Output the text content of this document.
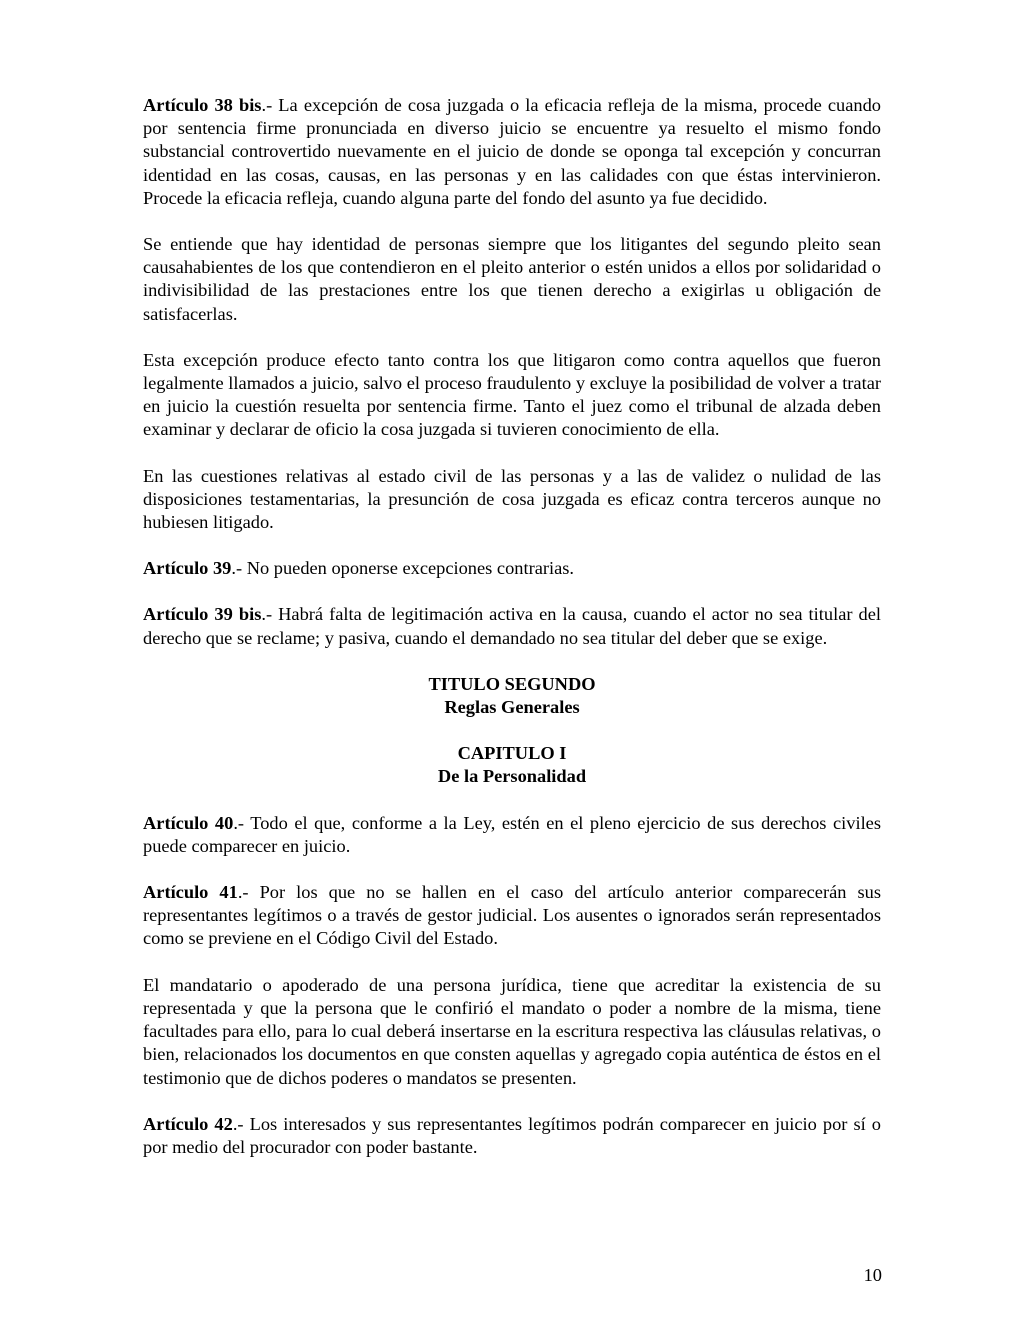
Artículo 38 bis.- La excepción de cosa juzgada o la eficacia refleja de la misma, procede cuando por sentencia firme pronunciada en diverso juicio se encuentre ya resuelto el mismo fondo substancial controvertido nuevamente en el juicio de donde se oponga tal excepción y concurran identidad en las cosas, causas, en las personas y en las calidades con que éstas intervinieron. Procede la eficacia refleja, cuando alguna parte del fondo del asunto ya fue decidido.

Se entiende que hay identidad de personas siempre que los litigantes del segundo pleito sean causahabientes de los que contendieron en el pleito anterior o estén unidos a ellos por solidaridad o indivisibilidad de las prestaciones entre los que tienen derecho a exigirlas u obligación de satisfacerlas.

Esta excepción produce efecto tanto contra los que litigaron como contra aquellos que fueron legalmente llamados a juicio, salvo el proceso fraudulento y excluye la posibilidad de volver a tratar en juicio la cuestión resuelta por sentencia firme. Tanto el juez como el tribunal de alzada deben examinar y declarar de oficio la cosa juzgada si tuvieren conocimiento de ella.

En las cuestiones relativas al estado civil de las personas y a las de validez o nulidad de las disposiciones testamentarias, la presunción de cosa juzgada es eficaz contra terceros aunque no hubiesen litigado.

Artículo 39.- No pueden oponerse excepciones contrarias.

Artículo 39 bis.- Habrá falta de legitimación activa en la causa, cuando el actor no sea titular del derecho que se reclame; y pasiva, cuando el demandado no sea titular del deber que se exige.

TITULO SEGUNDO
Reglas Generales
CAPITULO I
De la Personalidad

Artículo 40.- Todo el que, conforme a la Ley, estén en el pleno ejercicio de sus derechos civiles puede comparecer en juicio.

Artículo 41.- Por los que no se hallen en el caso del artículo anterior comparecerán sus representantes legítimos o a través de gestor judicial. Los ausentes o ignorados serán representados como se previene en el Código Civil del Estado.

El mandatario o apoderado de una persona jurídica, tiene que acreditar la existencia de su representada y que la persona que le confirió el mandato o poder a nombre de la misma, tiene facultades para ello, para lo cual deberá insertarse en la escritura respectiva las cláusulas relativas, o bien, relacionados los documentos en que consten aquellas y agregado copia auténtica de éstos en el testimonio que de dichos poderes o mandatos se presenten.

Artículo 42.- Los interesados y sus representantes legítimos podrán comparecer en juicio por sí o por medio del procurador con poder bastante.

10
